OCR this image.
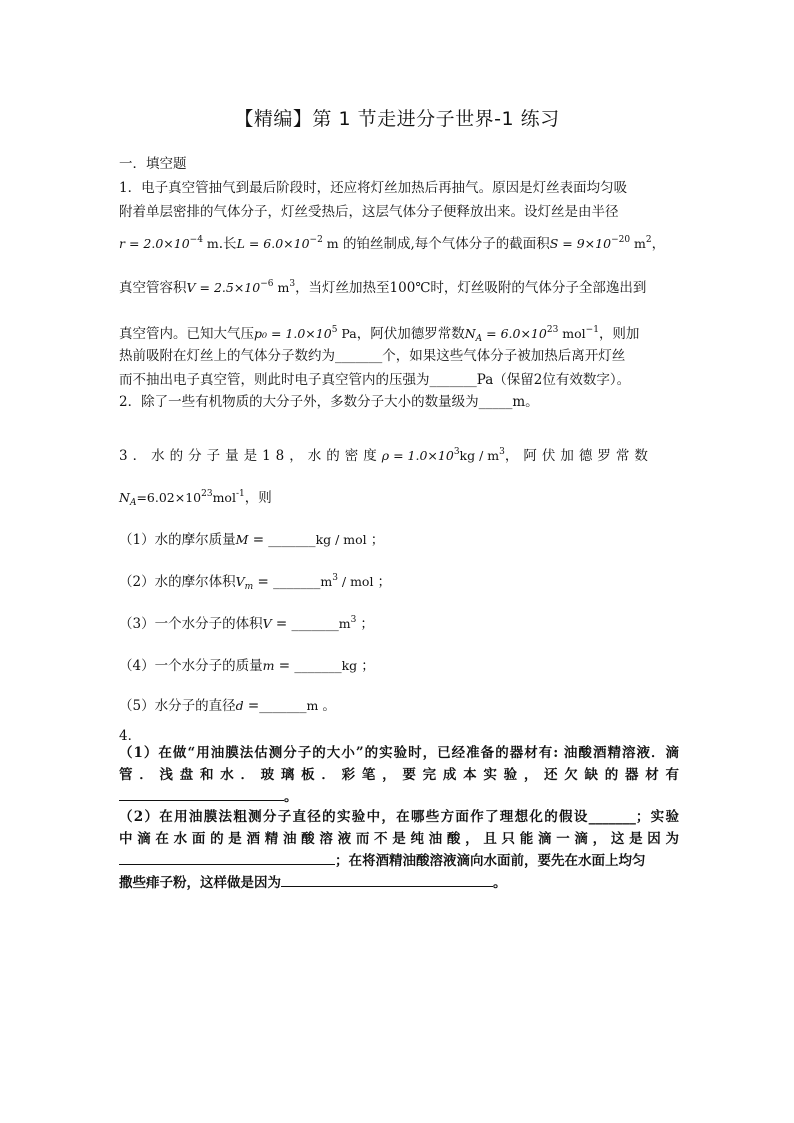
【精编】第 1 节走进分子世界-1 练习
一．填空题
1．电子真空管抽气到最后阶段时，还应将灯丝加热后再抽气。原因是灯丝表面均匀吸
附着单层密排的气体分子，灯丝受热后，这层气体分子便释放出来。设灯丝是由半径
$r = 2.0\times 10^{-4}$ m.长$L = 6.0\times 10^{-2}$ m 的铂丝制成,每个气体分子的截面积$S = 9\times 10^{-20}$ $m^2$，
真空管容积$V = 2.5\times 10^{-6}$ $m^3$，当灯丝加热至100℃时，灯丝吸附的气体分子全部逸出到
真空管内。已知大气压$p_0 = 1.0\times 10^5$ Pa，阿伏加德罗常数$N_A = 6.0\times 10^{23}$ mol$^{-1}$，则加
热前吸附在灯丝上的气体分子数约为_______个，如果这些气体分子被加热后离开灯丝
而不抽出电子真空管，则此时电子真空管内的压强为_______Pa（保留2位有效数字）。
2．除了一些有机物质的大分子外，多数分子大小的数量级为_____m。
3．水的分子量是18，水的密度$\rho = 1.0\times 10^3kg / m^3$，阿伏加德罗常数
$N_A=6.02\times 10^{23}mol^{-1}$，则
（1）水的摩尔质量M = _______kg / mol ；
（2）水的摩尔体积$V_m$ = $\_\_\_\_\_\_\_m^3$ / mol ；
（3）一个水分子的体积$V = \_\_\_\_\_\_\_m^3$ ；
（4）一个水分子的质量m = _______kg ；
（5）水分子的直径d =_______m 。
4．
（1）在做“用油膜法估测分子的大小”的实验时，已经准备的器材有: 油酸酒精溶液．滴
管．浅盘和水．玻璃板．彩笔，要完成本实验，还欠缺的器材有
。
（2）在用油膜法粗测分子直径的实验中，在哪些方面作了理想化的假设_______；实验
中滴在水面的是酒精油酸溶液而不是纯油酸，且只能滴一滴，这是因为
；在将酒精油酸溶液滴向水面前，要先在水面上均匀
撒些痱子粉，这样做是因为	。
